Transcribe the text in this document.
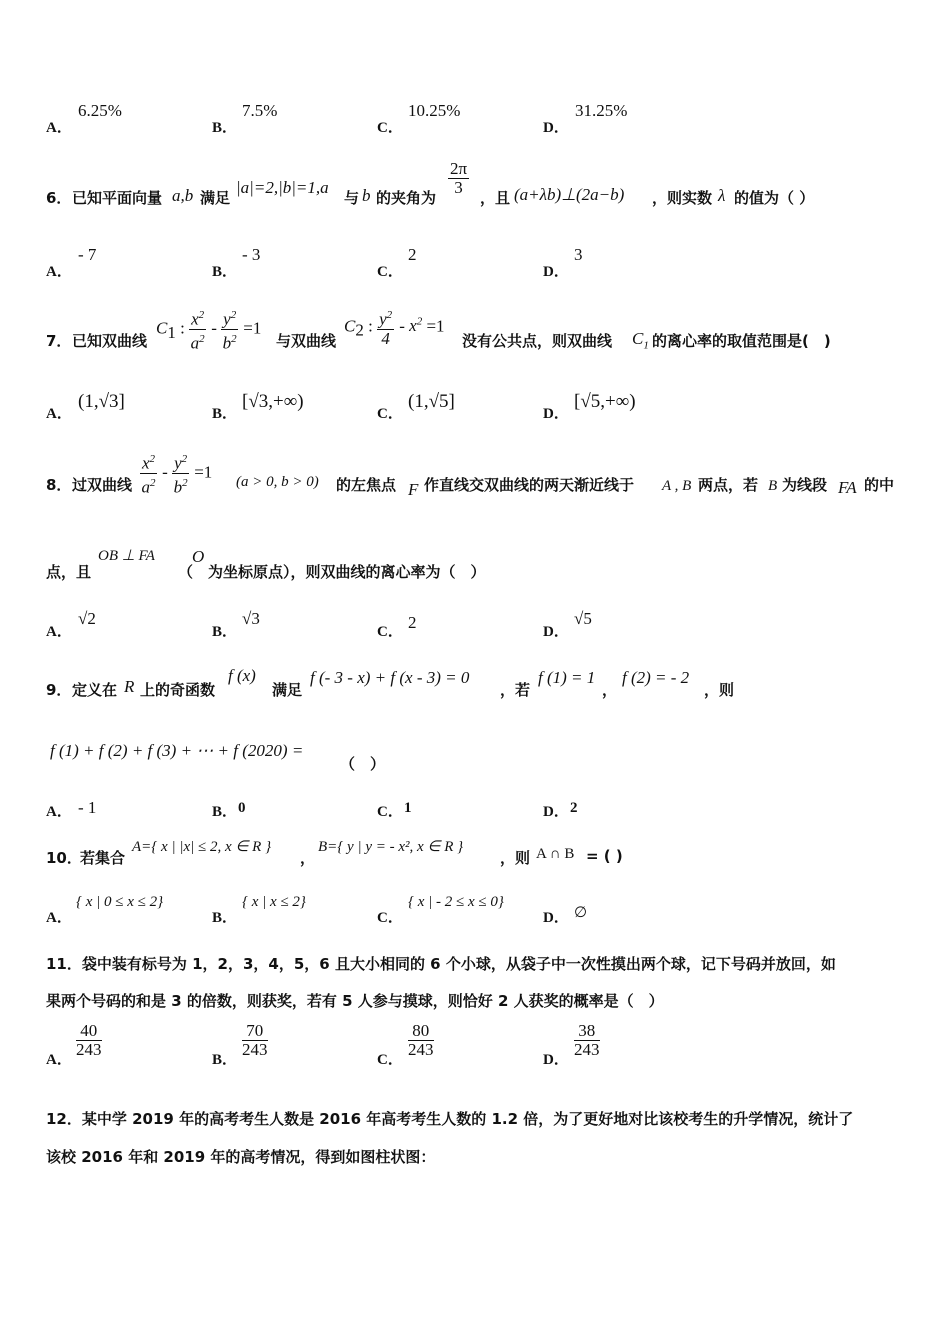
A．
6.25%
B．
7.5%
C．
10.25%
D．
31.25%
6． 已知平面向量 a,b 满足
|a|=2,|b|=1,a
与 b 的夹角为
$\frac{2\pi}{3}$
，且 (a+λb)⊥(2a−b) ，则实数 λ 的值为（ ）
A．
- 7
B．
- 3
C．
2
D．
3
7． 已知双曲线
$C_1$ : $\frac{x^2}{a^2} - \frac{y^2}{b^2} =1$
与双曲线
$C_2$ : $\frac{y^2}{4} - x^2 =1$
没有公共点，则双曲线 $C_1$ 的离心率的取值范围是(　)
A．
(1,√3]
B．
[√3,+∞)
C．
(1,√5]
D．
[√5,+∞)
8． 过双曲线 $\frac{x^2}{a^2} - \frac{y^2}{b^2} =1$
(a > 0, b > 0) 的左焦点 F 作直线交双曲线的两天渐近线于 A , B 两点，若 B 为线段 FA 的中
点，且
OB ⊥ FA
（
O
为坐标原点），则双曲线的离心率为（　）
A．
√2
B．
√3
C． 2	D．
√5
9． 定义在 R 上的奇函数
f (x)
满足
f (- 3 - x) + f (x - 3) = 0
，若
f (1) = 1
，
f (2) = - 2
，则
f (1) + f (2) + f (3) + ⋯ + f (2020) =
（　）
A． - 1	B． 0	C． 1	D． 2
10．
若集合
A={ x | |x| ≤ 2, x ∈ R }
，
B={ y | y = - x², x ∈ R }
，则 A ∩ B = ( )
A．
{ x | 0 ≤ x ≤ 2}
B．
{ x | x ≤ 2}
C．
{ x | - 2 ≤ x ≤ 0}
D． ∅
11．袋中装有标号为 1，2，3，4，5，6 且大小相同的 6 个小球，从袋子中一次性摸出两个球，记下号码并放回，如
果两个号码的和是 3 的倍数，则获奖，若有 5 人参与摸球，则恰好 2 人获奖的概率是（　）
A．
$\frac{40}{243}$
B．
$\frac{70}{243}$
C．
$\frac{80}{243}$
D．
$\frac{38}{243}$
12．某中学 2019 年的高考考生人数是 2016 年高考考生人数的 1.2 倍，为了更好地对比该校考生的升学情况，统计了
该校 2016 年和 2019 年的高考情况，得到如图柱状图：
